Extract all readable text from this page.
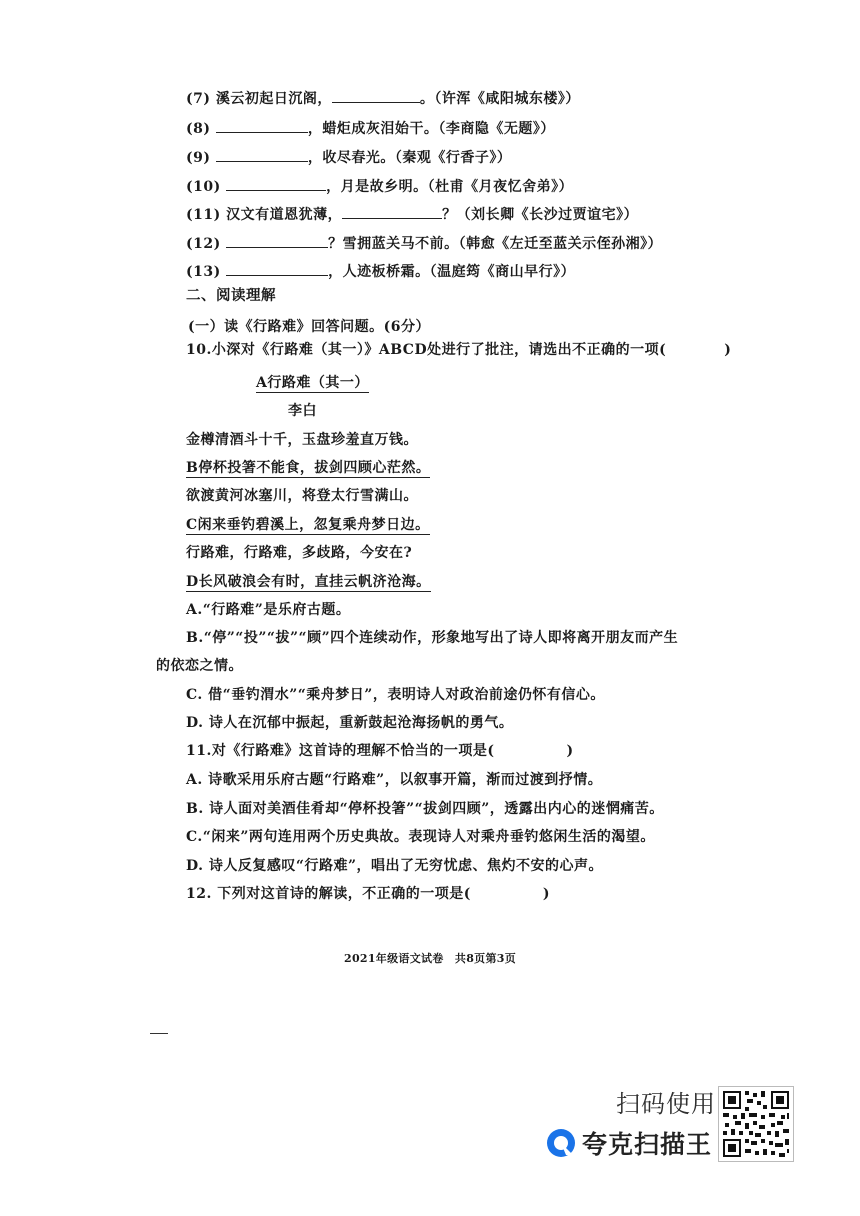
(7) 溪云初起日沉阁，	。（许浑《咸阳城东楼》）
(8)	，蜡炬成灰泪始干。（李商隐《无题》）
(9)	，收尽春光。（秦观《行香子》）
(10)	，月是故乡明。（杜甫《月夜忆舍弟》）
(11) 汉文有道恩犹薄，	？（刘长卿《长沙过贾谊宅》）
(12)	？雪拥蓝关马不前。（韩愈《左迁至蓝关示侄孙湘》）
(13)	，人迹板桥霜。（温庭筠《商山早行》）
二、阅读理解
(一）读《行路难》回答问题。(6分）
10.小深对《行路难（其一）》ABCD处进行了批注，请选出不正确的一项(	)
A行路难（其一）
李白
金樽清酒斗十千，玉盘珍羞直万钱。
B停杯投箸不能食，拔剑四顾心茫然。
欲渡黄河冰塞川，将登太行雪满山。
C闲来垂钓碧溪上，忽复乘舟梦日边。
行路难，行路难，多歧路，今安在?
D长风破浪会有时，直挂云帆济沧海。
A.“行路难”是乐府古题。
B.“停”“投”“拔”“顾”四个连续动作，形象地写出了诗人即将离开朋友而产生
的依恋之情。
C. 借“垂钓渭水”“乘舟梦日”，表明诗人对政治前途仍怀有信心。
D. 诗人在沉郁中振起，重新鼓起沧海扬帆的勇气。
11.对《行路难》这首诗的理解不恰当的一项是(	)
A. 诗歌采用乐府古题“行路难”，以叙事开篇，渐而过渡到抒情。
B. 诗人面对美酒佳肴却“停杯投箸”“拔剑四顾”，透露出内心的迷惘痛苦。
C.“闲来”两句连用两个历史典故。表现诗人对乘舟垂钓悠闲生活的渴望。
D. 诗人反复感叹“行路难”，唱出了无穷忧虑、焦灼不安的心声。
12. 下列对这首诗的解读，不正确的一项是(	)
2021年级语文试卷　共8页第3页
扫码使用
夸克扫描王
